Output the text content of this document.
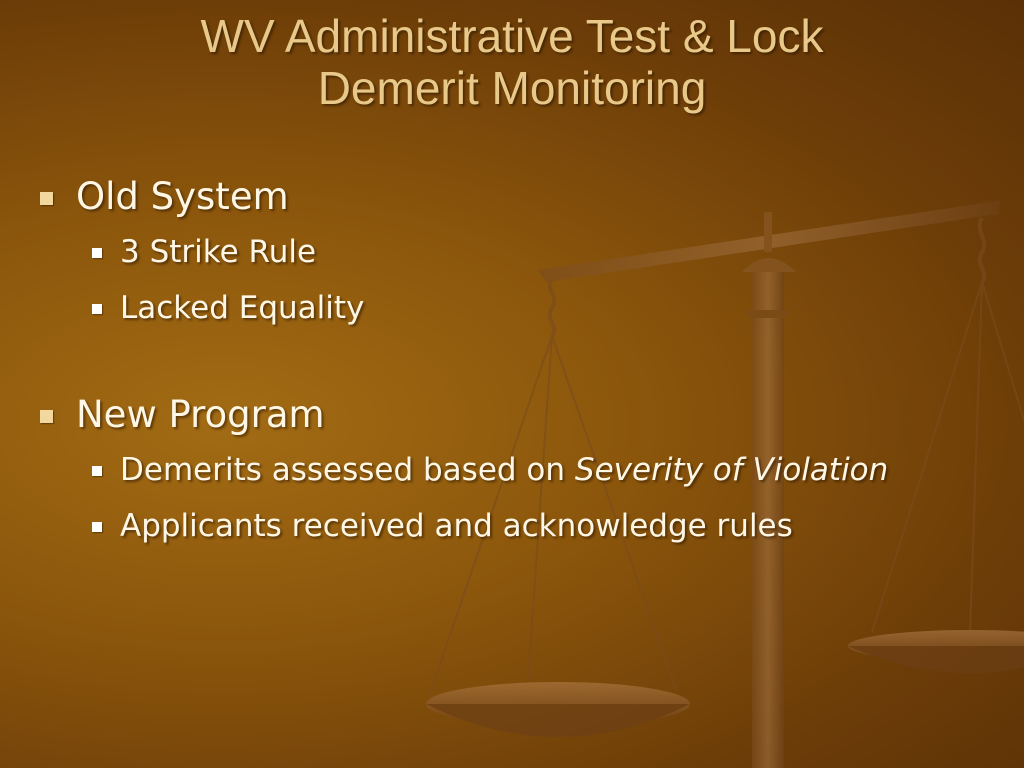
WV Administrative Test & Lock
Demerit Monitoring
Old System
3 Strike Rule
Lacked Equality
New Program
Demerits assessed based on Severity of Violation
Applicants received and acknowledge rules
